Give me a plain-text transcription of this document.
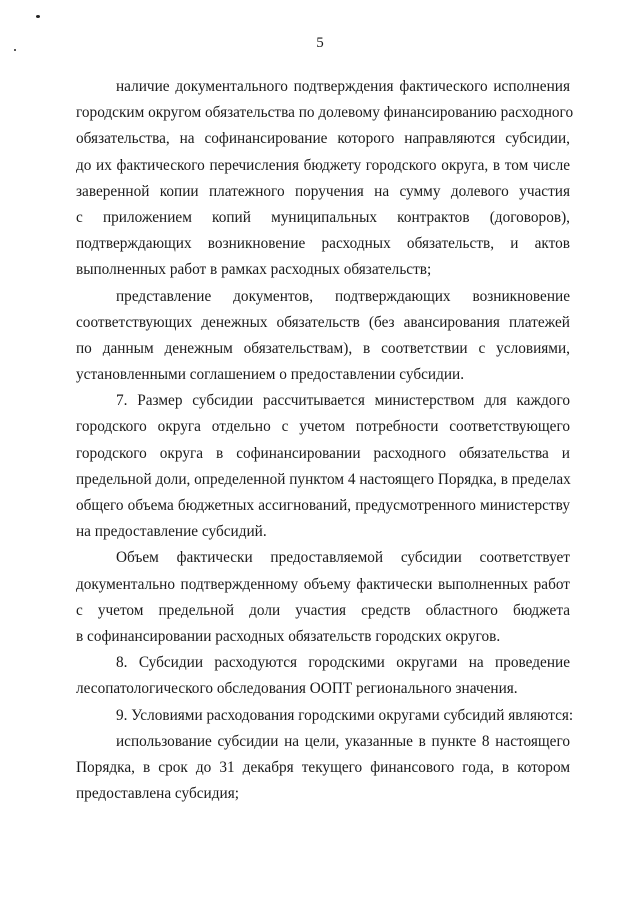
5
наличие документального подтверждения фактического исполнения
городским округом обязательства по долевому финансированию расходного
обязательства, на софинансирование которого направляются субсидии,
до их фактического перечисления бюджету городского округа, в том числе
заверенной копии платежного поручения на сумму долевого участия
с приложением копий муниципальных контрактов (договоров),
подтверждающих возникновение расходных обязательств, и актов
выполненных работ в рамках расходных обязательств;
представление документов, подтверждающих возникновение
соответствующих денежных обязательств (без авансирования платежей
по данным денежным обязательствам), в соответствии с условиями,
установленными соглашением о предоставлении субсидии.
7. Размер субсидии рассчитывается министерством для каждого
городского округа отдельно с учетом потребности соответствующего
городского округа в софинансировании расходного обязательства и
предельной доли, определенной пунктом 4 настоящего Порядка, в пределах
общего объема бюджетных ассигнований, предусмотренного министерству
на предоставление субсидий.
Объем фактически предоставляемой субсидии соответствует
документально подтвержденному объему фактически выполненных работ
с учетом предельной доли участия средств областного бюджета
в софинансировании расходных обязательств городских округов.
8. Субсидии расходуются городскими округами на проведение
лесопатологического обследования ООПТ регионального значения.
9. Условиями расходования городскими округами субсидий являются:
использование субсидии на цели, указанные в пункте 8 настоящего
Порядка, в срок до 31 декабря текущего финансового года, в котором
предоставлена субсидия;
